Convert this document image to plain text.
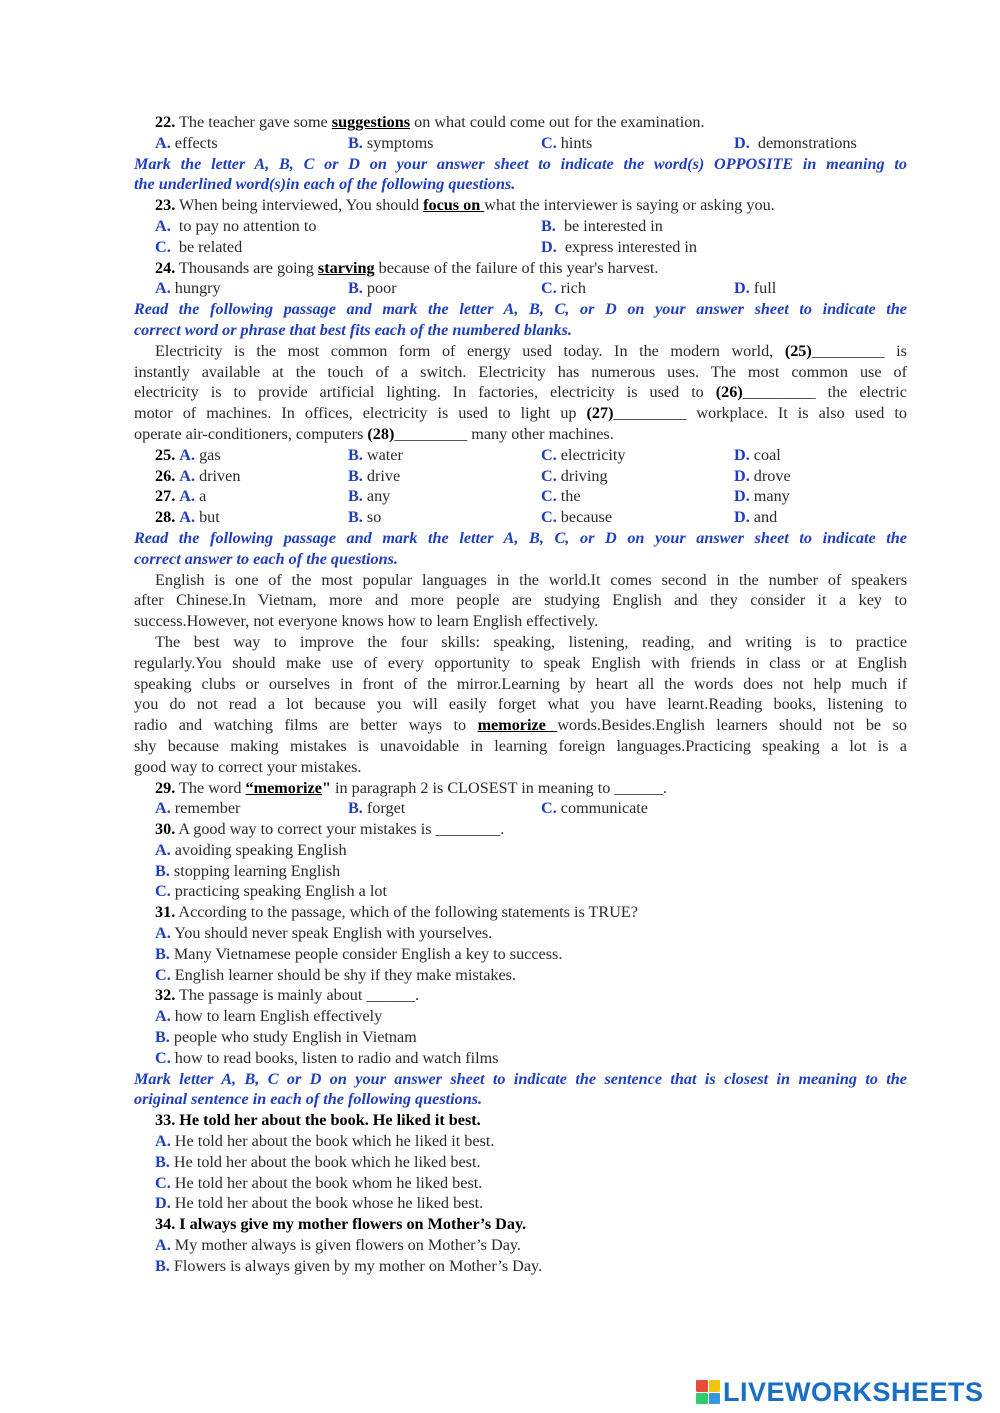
22. The teacher gave some suggestions on what could come out for the examination.
A. effects	B. symptoms	C. hints	D.  demonstrations
Mark the letter A, B, C or D on your answer sheet to indicate the word(s) OPPOSITE in meaning to
the underlined word(s)in each of the following questions.
23. When being interviewed, You should focus on what the interviewer is saying or asking you.
A.  to pay no attention to	B.  be interested in
C.  be related	D.  express interested in
24. Thousands are going starving because of the failure of this year's harvest.
A. hungry	B. poor	C. rich	D. full
Read the following passage and mark the letter A, B, C, or D on your answer sheet to indicate the
correct word or phrase that best fits each of the numbered blanks.
Electricity is the most common form of energy used today. In the modern world, (25)_________ is
instantly available at the touch of a switch. Electricity has numerous uses. The most common use of
electricity is to provide artificial lighting. In factories, electricity is used to (26)_________ the electric
motor of machines. In offices, electricity is used to light up (27)_________ workplace. It is also used to
operate air-conditioners, computers (28)_________ many other machines.
25. A. gas	B. water	C. electricity	D. coal
26. A. driven	B. drive	C. driving	D. drove
27. A. a	B. any	C. the	D. many
28. A. but	B. so	C. because	D. and
Read the following passage and mark the letter A, B, C, or D on your answer sheet to indicate the
correct answer to each of the questions.
English is one of the most popular languages in the world.It comes second in the number of speakers
after Chinese.In Vietnam, more and more people are studying English and they consider it a key to
success.However, not everyone knows how to learn English effectively.
The best way to improve the four skills: speaking, listening, reading, and writing is to practice
regularly.You should make use of every opportunity to speak English with friends in class or at English
speaking clubs or ourselves in front of the mirror.Learning by heart all the words does not help much if
you do not read a lot because you will easily forget what you have learnt.Reading books, listening to
radio and watching films are better ways to memorize words.Besides.English learners should not be so
shy because making mistakes is unavoidable in learning foreign languages.Practicing speaking a lot is a
good way to correct your mistakes.
29. The word “memorize" in paragraph 2 is CLOSEST in meaning to ______.
A. remember	B. forget	C. communicate
30. A good way to correct your mistakes is ________.
A. avoiding speaking English
B. stopping learning English
C. practicing speaking English a lot
31. According to the passage, which of the following statements is TRUE?
A. You should never speak English with yourselves.
B. Many Vietnamese people consider English a key to success.
C. English learner should be shy if they make mistakes.
32. The passage is mainly about ______.
A. how to learn English effectively
B. people who study English in Vietnam
C. how to read books, listen to radio and watch films
Mark letter A, B, C or D on your answer sheet to indicate the sentence that is closest in meaning to the
original sentence in each of the following questions.
33. He told her about the book. He liked it best.
A. He told her about the book which he liked it best.
B. He told her about the book which he liked best.
C. He told her about the book whom he liked best.
D. He told her about the book whose he liked best.
34. I always give my mother flowers on Mother’s Day.
A. My mother always is given flowers on Mother’s Day.
B. Flowers is always given by my mother on Mother’s Day.
LIVEWORKSHEETS
